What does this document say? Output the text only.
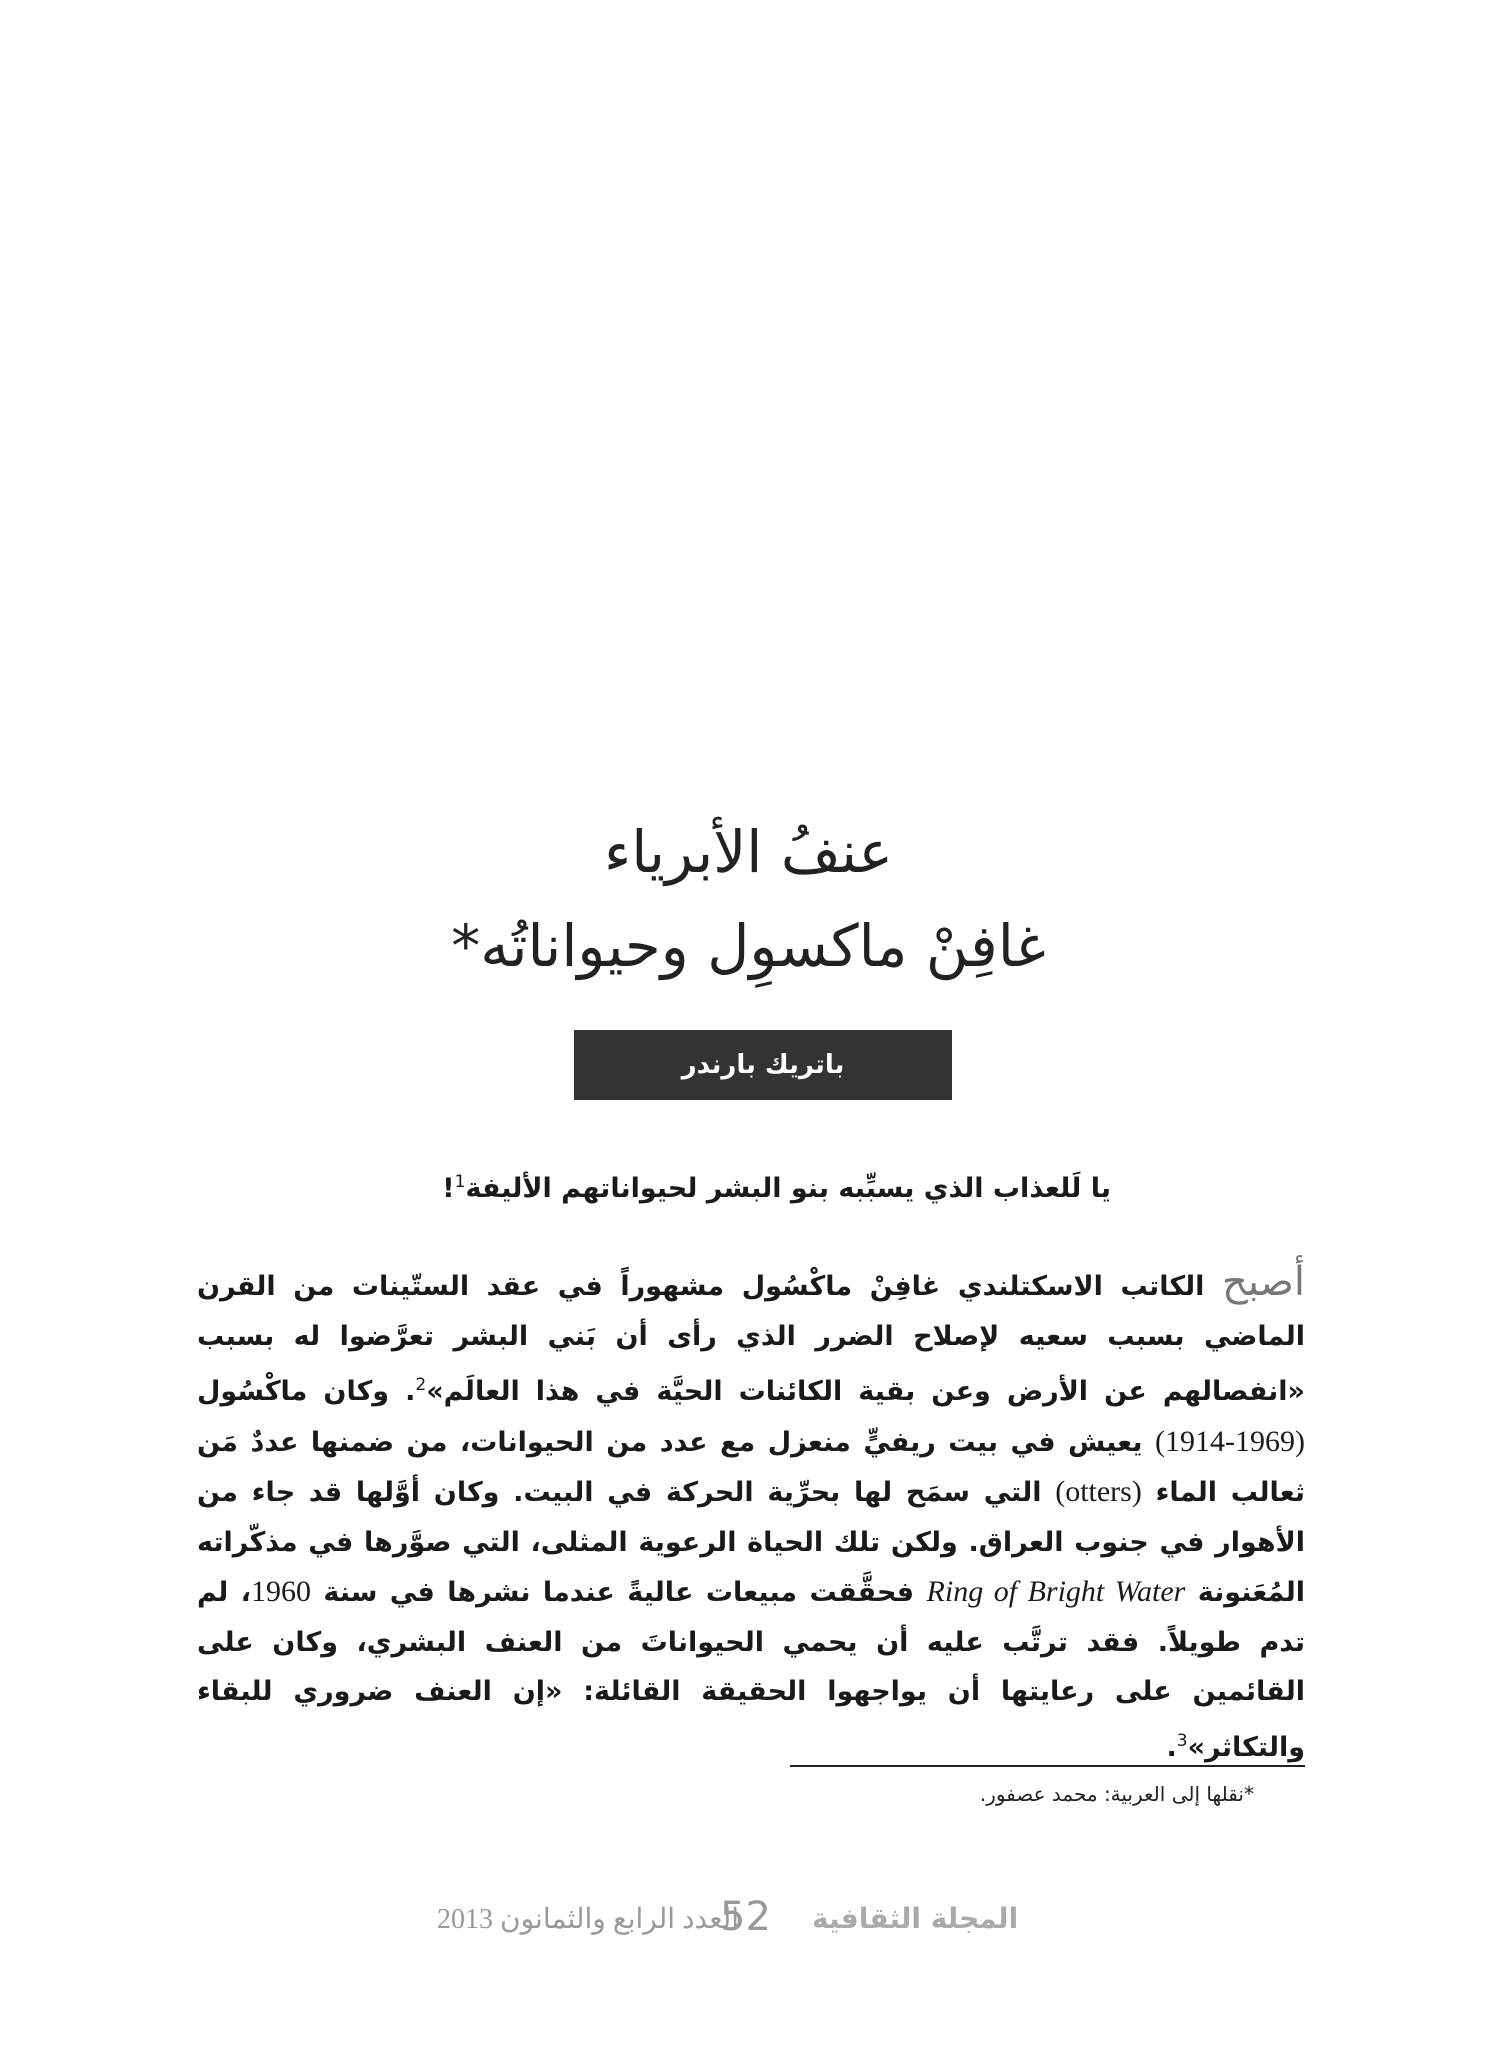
عنفُ الأبرياء
غافِنْ ماكسوِل وحيواناتُه*
باتريك بارندر
يا لَلعذاب الذي يسبِّبه بنو البشر لحيواناتهم الأليفة$^1$!
أصبح الكاتب الاسكتلندي غافِنْ ماكْسُول مشهوراً في عقد الستّينات من القرن الماضي بسبب سعيه لإصلاح الضرر الذي رأى أن بَني البشر تعرَّضوا له بسبب «انفصالهم عن الأرض وعن بقية الكائنات الحيَّة في هذا العالَم»$^2$. وكان ماكْسُول (1914-1969) يعيش في بيت ريفيٍّ منعزل مع عدد من الحيوانات، من ضمنها عددٌ مَن ثعالب الماء (otters) التي سمَح لها بحرِّية الحركة في البيت. وكان أوَّلها قد جاء من الأهوار في جنوب العراق. ولكن تلك الحياة الرعوية المثلى، التي صوَّرها في مذكّراته المُعَنونة Ring of Bright Water فحقَّقت مبيعات عاليةً عندما نشرها في سنة 1960، لم تدم طويلاً. فقد ترتَّب عليه أن يحمي الحيواناتَ من العنف البشري، وكان على القائمين على رعايتها أن يواجهوا الحقيقة القائلة: «إن العنف ضروري للبقاء والتكاثر»$^3$.
*نقلها إلى العربية: محمد عصفور.
العدد الرابع والثمانون 2013
52 المجلة الثقافية
